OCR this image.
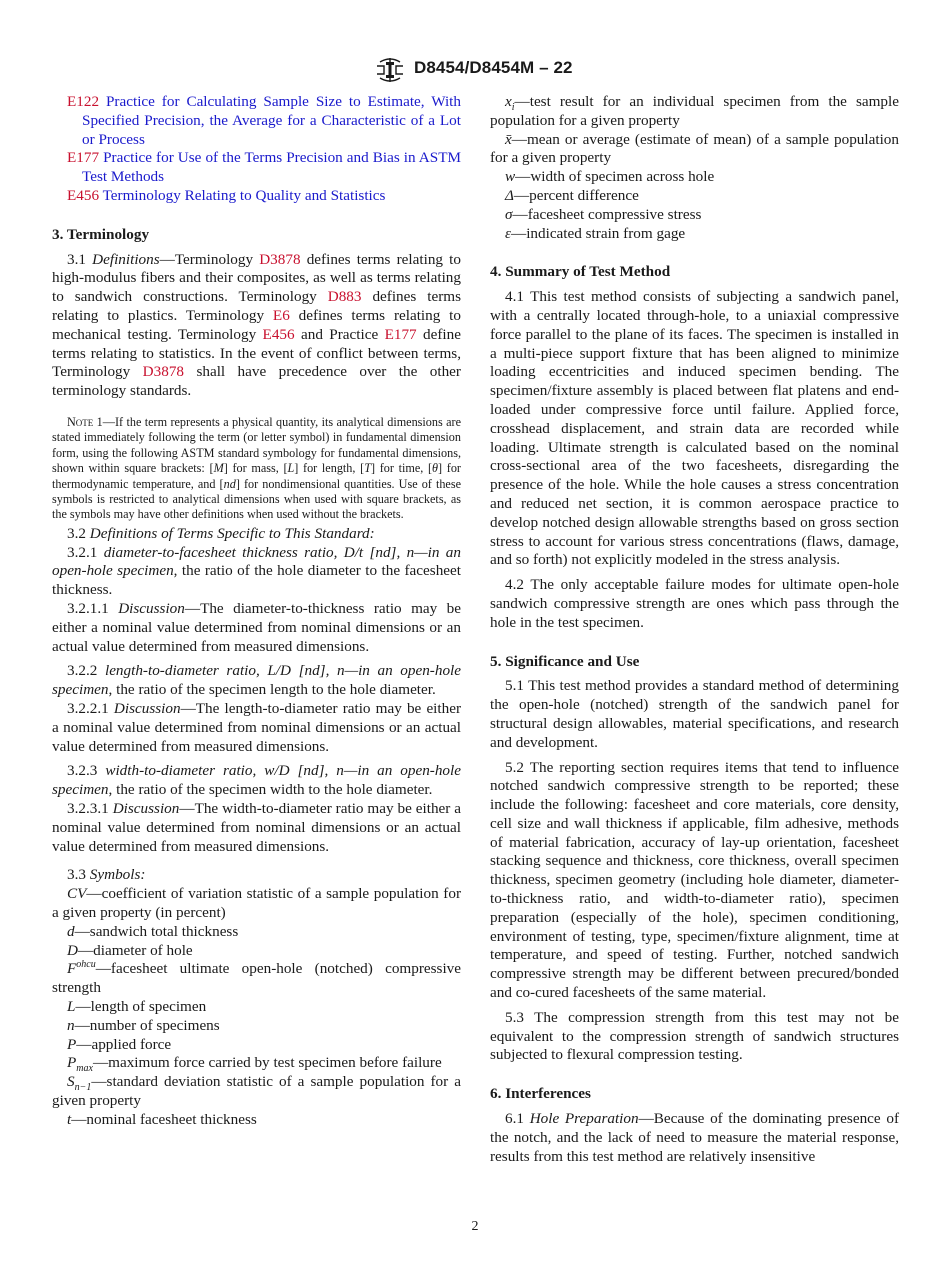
D8454/D8454M – 22

E122 Practice for Calculating Sample Size to Estimate, With Specified Precision, the Average for a Characteristic of a Lot or Process

E177 Practice for Use of the Terms Precision and Bias in ASTM Test Methods

E456 Terminology Relating to Quality and Statistics

3. Terminology

3.1 Definitions—Terminology D3878 defines terms relating to high-modulus fibers and their composites, as well as terms relating to sandwich constructions. Terminology D883 defines terms relating to plastics. Terminology E6 defines terms relating to mechanical testing. Terminology E456 and Practice E177 define terms relating to statistics. In the event of conflict between terms, Terminology D3878 shall have precedence over the other terminology standards.

Note 1—If the term represents a physical quantity, its analytical dimensions are stated immediately following the term (or letter symbol) in fundamental dimension form, using the following ASTM standard symbology for fundamental dimensions, shown within square brackets: [M] for mass, [L] for length, [T] for time, [θ] for thermodynamic temperature, and [nd] for nondimensional quantities. Use of these symbols is restricted to analytical dimensions when used with square brackets, as the symbols may have other definitions when used without the brackets.

3.2 Definitions of Terms Specific to This Standard:

3.2.1 diameter-to-facesheet thickness ratio, D/t [nd], n—in an open-hole specimen, the ratio of the hole diameter to the facesheet thickness.

3.2.1.1 Discussion—The diameter-to-thickness ratio may be either a nominal value determined from nominal dimensions or an actual value determined from measured dimensions.

3.2.2 length-to-diameter ratio, L/D [nd], n—in an open-hole specimen, the ratio of the specimen length to the hole diameter.

3.2.2.1 Discussion—The length-to-diameter ratio may be either a nominal value determined from nominal dimensions or an actual value determined from measured dimensions.

3.2.3 width-to-diameter ratio, w/D [nd], n—in an open-hole specimen, the ratio of the specimen width to the hole diameter.

3.2.3.1 Discussion—The width-to-diameter ratio may be either a nominal value determined from nominal dimensions or an actual value determined from measured dimensions.

3.3 Symbols:

CV—coefficient of variation statistic of a sample population for a given property (in percent)

d—sandwich total thickness

D—diameter of hole

$F^{ohcu}—facesheet$ ultimate open-hole (notched) compressive strength

L—length of specimen

n—number of specimens

P—applied force

$P_{max}—maximum$ force carried by test specimen before failure

$S_{n-1}—standard$ deviation statistic of a sample population for a given property

t—nominal facesheet thickness

$x_i—test$ result for an individual specimen from the sample population for a given property

x̄—mean or average (estimate of mean) of a sample population for a given property

w—width of specimen across hole

Δ—percent difference

σ—facesheet compressive stress

ε—indicated strain from gage

4. Summary of Test Method

4.1 This test method consists of subjecting a sandwich panel, with a centrally located through-hole, to a uniaxial compressive force parallel to the plane of its faces. The specimen is installed in a multi-piece support fixture that has been aligned to minimize loading eccentricities and induced specimen bending. The specimen/fixture assembly is placed between flat platens and end-loaded under compressive force until failure. Applied force, crosshead displacement, and strain data are recorded while loading. Ultimate strength is calculated based on the nominal cross-sectional area of the two facesheets, disregarding the presence of the hole. While the hole causes a stress concentration and reduced net section, it is common aerospace practice to develop notched design allowable strengths based on gross section stress to account for various stress concentrations (flaws, damage, and so forth) not explicitly modeled in the stress analysis.

4.2 The only acceptable failure modes for ultimate open-hole sandwich compressive strength are ones which pass through the hole in the test specimen.

5. Significance and Use

5.1 This test method provides a standard method of determining the open-hole (notched) strength of the sandwich panel for structural design allowables, material specifications, and research and development.

5.2 The reporting section requires items that tend to influence notched sandwich compressive strength to be reported; these include the following: facesheet and core materials, core density, cell size and wall thickness if applicable, film adhesive, methods of material fabrication, accuracy of lay-up orientation, facesheet stacking sequence and thickness, core thickness, overall specimen thickness, specimen geometry (including hole diameter, diameter-to-thickness ratio, and width-to-diameter ratio), specimen preparation (especially of the hole), specimen conditioning, environment of testing, type, specimen/fixture alignment, time at temperature, and speed of testing. Further, notched sandwich compressive strength may be different between precured/bonded and co-cured facesheets of the same material.

5.3 The compression strength from this test may not be equivalent to the compression strength of sandwich structures subjected to flexural compression testing.

6. Interferences

6.1 Hole Preparation—Because of the dominating presence of the notch, and the lack of need to measure the material response, results from this test method are relatively insensitive

2
